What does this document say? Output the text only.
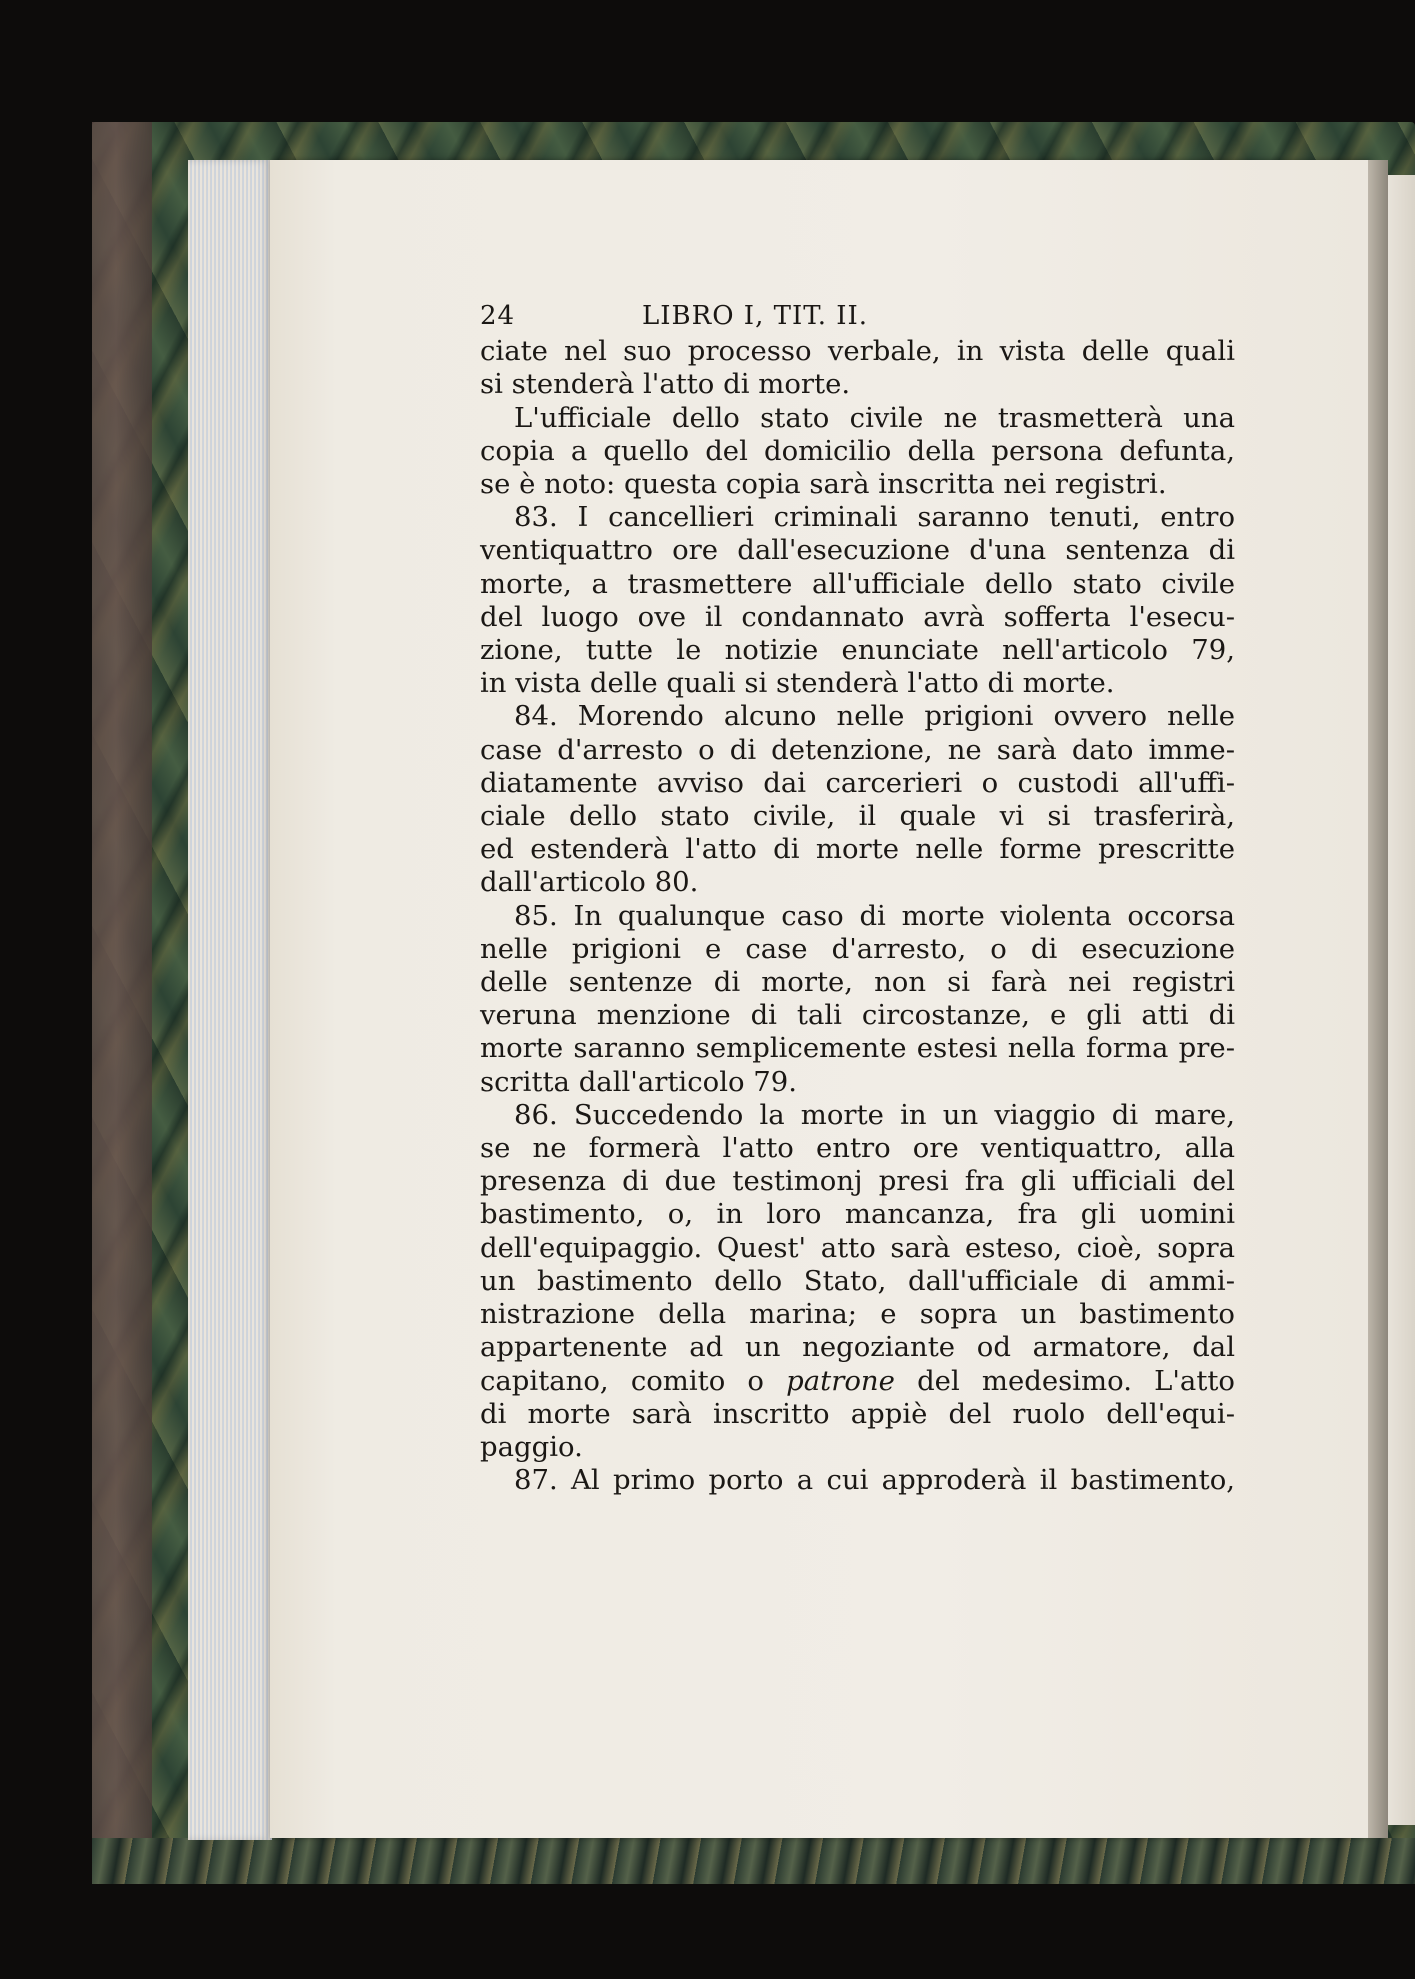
24	LIBRO I, TIT. II.
ciate nel suo processo verbale, in vista delle quali
si stenderà l'atto di morte.
L'ufficiale dello stato civile ne trasmetterà una
copia a quello del domicilio della persona defunta,
se è noto: questa copia sarà inscritta nei registri.
83. I cancellieri criminali saranno tenuti, entro
ventiquattro ore dall'esecuzione d'una sentenza di
morte, a trasmettere all'ufficiale dello stato civile
del luogo ove il condannato avrà sofferta l'esecu-
zione, tutte le notizie enunciate nell'articolo 79,
in vista delle quali si stenderà l'atto di morte.
84. Morendo alcuno nelle prigioni ovvero nelle
case d'arresto o di detenzione, ne sarà dato imme-
diatamente avviso dai carcerieri o custodi all'uffi-
ciale dello stato civile, il quale vi si trasferirà,
ed estenderà l'atto di morte nelle forme prescritte
dall'articolo 80.
85. In qualunque caso di morte violenta occorsa
nelle prigioni e case d'arresto, o di esecuzione
delle sentenze di morte, non si farà nei registri
veruna menzione di tali circostanze, e gli atti di
morte saranno semplicemente estesi nella forma pre-
scritta dall'articolo 79.
86. Succedendo la morte in un viaggio di mare,
se ne formerà l'atto entro ore ventiquattro, alla
presenza di due testimonj presi fra gli ufficiali del
bastimento, o, in loro mancanza, fra gli uomini
dell'equipaggio. Quest' atto sarà esteso, cioè, sopra
un bastimento dello Stato, dall'ufficiale di ammi-
nistrazione della marina; e sopra un bastimento
appartenente ad un negoziante od armatore, dal
capitano, comito o patrone del medesimo. L'atto
di morte sarà inscritto appiè del ruolo dell'equi-
paggio.
87. Al primo porto a cui approderà il bastimento,
